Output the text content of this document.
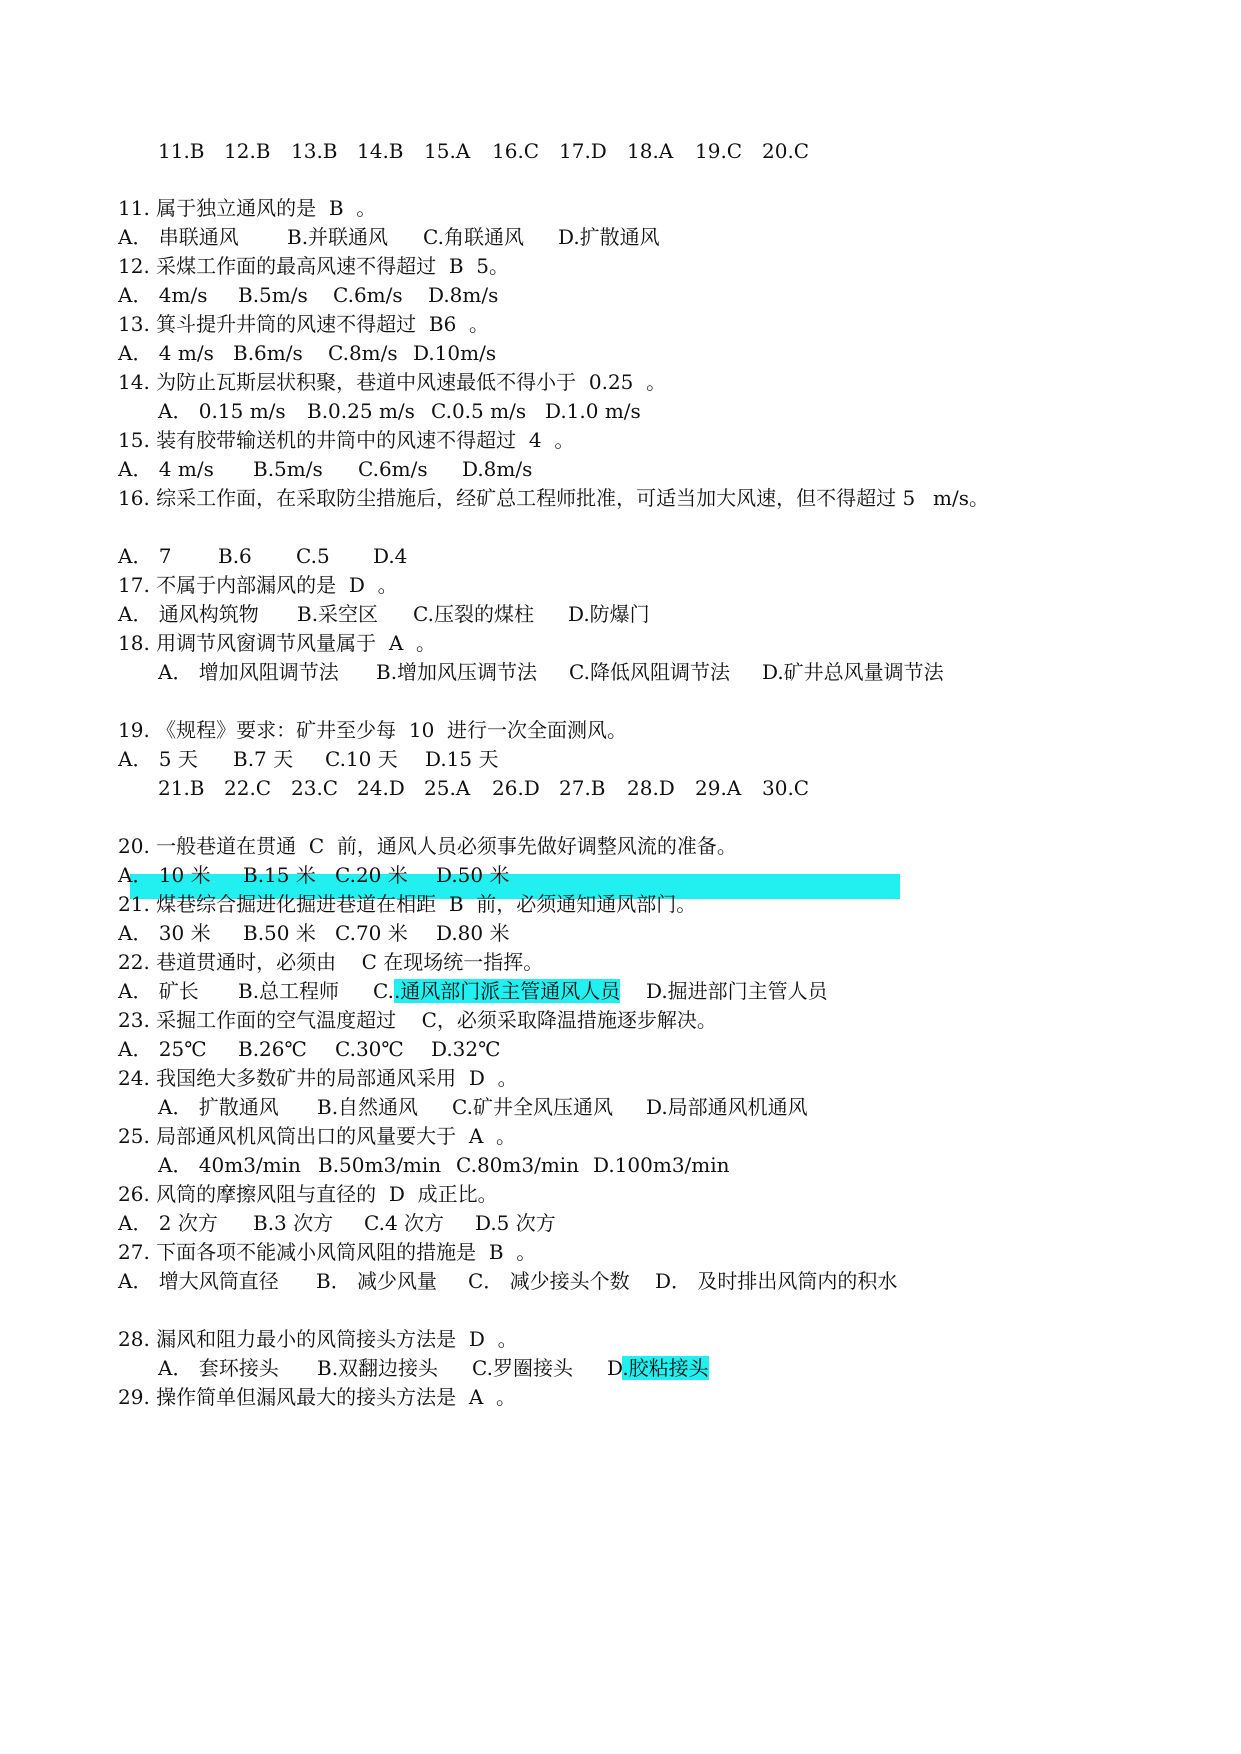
11.B

12.B

13.B

14.B

15.A

16.C

17.D

18.A

19.C

20.C

11. 属于独立通风的是  B  。

A． 串联通风

B.并联通风

C.角联通风

D.扩散通风

12. 采煤工作面的最高风速不得超过  B  5。

A． 4m/s

B.5m/s

C.6m/s

D.8m/s

13. 箕斗提升井筒的风速不得超过  B6  。

A． 4 m/s

B.6m/s

C.8m/s

D.10m/s

14. 为防止瓦斯层状积聚，巷道中风速最低不得小于  0.25  。

A． 0.15 m/s

B.0.25 m/s

C.0.5 m/s

D.1.0 m/s

15. 装有胶带输送机的井筒中的风速不得超过  4  。

A． 4 m/s

B.5m/s

C.6m/s

D.8m/s

16. 综采工作面，在采取防尘措施后，经矿总工程师批准，可适当加大风速，但不得超过 5

m/s。

A． 7

B.6

C.5

D.4

17. 不属于内部漏风的是  D  。

A． 通风构筑物

B.采空区

C.压裂的煤柱

D.防爆门

18. 用调节风窗调节风量属于  A  。

A． 增加风阻调节法

B.增加风压调节法

C.降低风阻调节法

D.矿井总风量调节法

19. 《规程》要求：矿井至少每  10  进行一次全面测风。

A． 5 天

B.7 天

C.10 天

D.15 天

21.B

22.C

23.C

24.D

25.A

26.D

27.B

28.D

29.A

30.C

20. 一般巷道在贯通  C  前，通风人员必须事先做好调整风流的准备。

A． 10 米

B.15 米

C.20 米

D.50 米

21. 煤巷综合掘进化掘进巷道在相距  B  前，必须通知通风部门。

A． 30 米

B.50 米

C.70 米

D.80 米

22. 巷道贯通时，必须由    C 在现场统一指挥。

A． 矿长

B.总工程师

C..通风部门派主管通风人员

D.掘进部门主管人员

23. 采掘工作面的空气温度超过    C，必须采取降温措施逐步解决。

A． 25℃

B.26℃

C.30℃

D.32℃

24. 我国绝大多数矿井的局部通风采用  D  。

A． 扩散通风

B.自然通风

C.矿井全风压通风

D.局部通风机通风

25. 局部通风机风筒出口的风量要大于  A  。

A． 40m3/min

B.50m3/min

C.80m3/min

D.100m3/min

26. 风筒的摩擦风阻与直径的  D  成正比。

A． 2 次方

B.3 次方

C.4 次方

D.5 次方

27. 下面各项不能减小风筒风阻的措施是  B  。

A． 增大风筒直径

B． 减少风量

C． 减少接头个数

D． 及时排出风筒内的积水

28. 漏风和阻力最小的风筒接头方法是  D  。

A． 套环接头

B.双翻边接头

C.罗圈接头

D.胶粘接头

29. 操作简单但漏风最大的接头方法是  A  。
